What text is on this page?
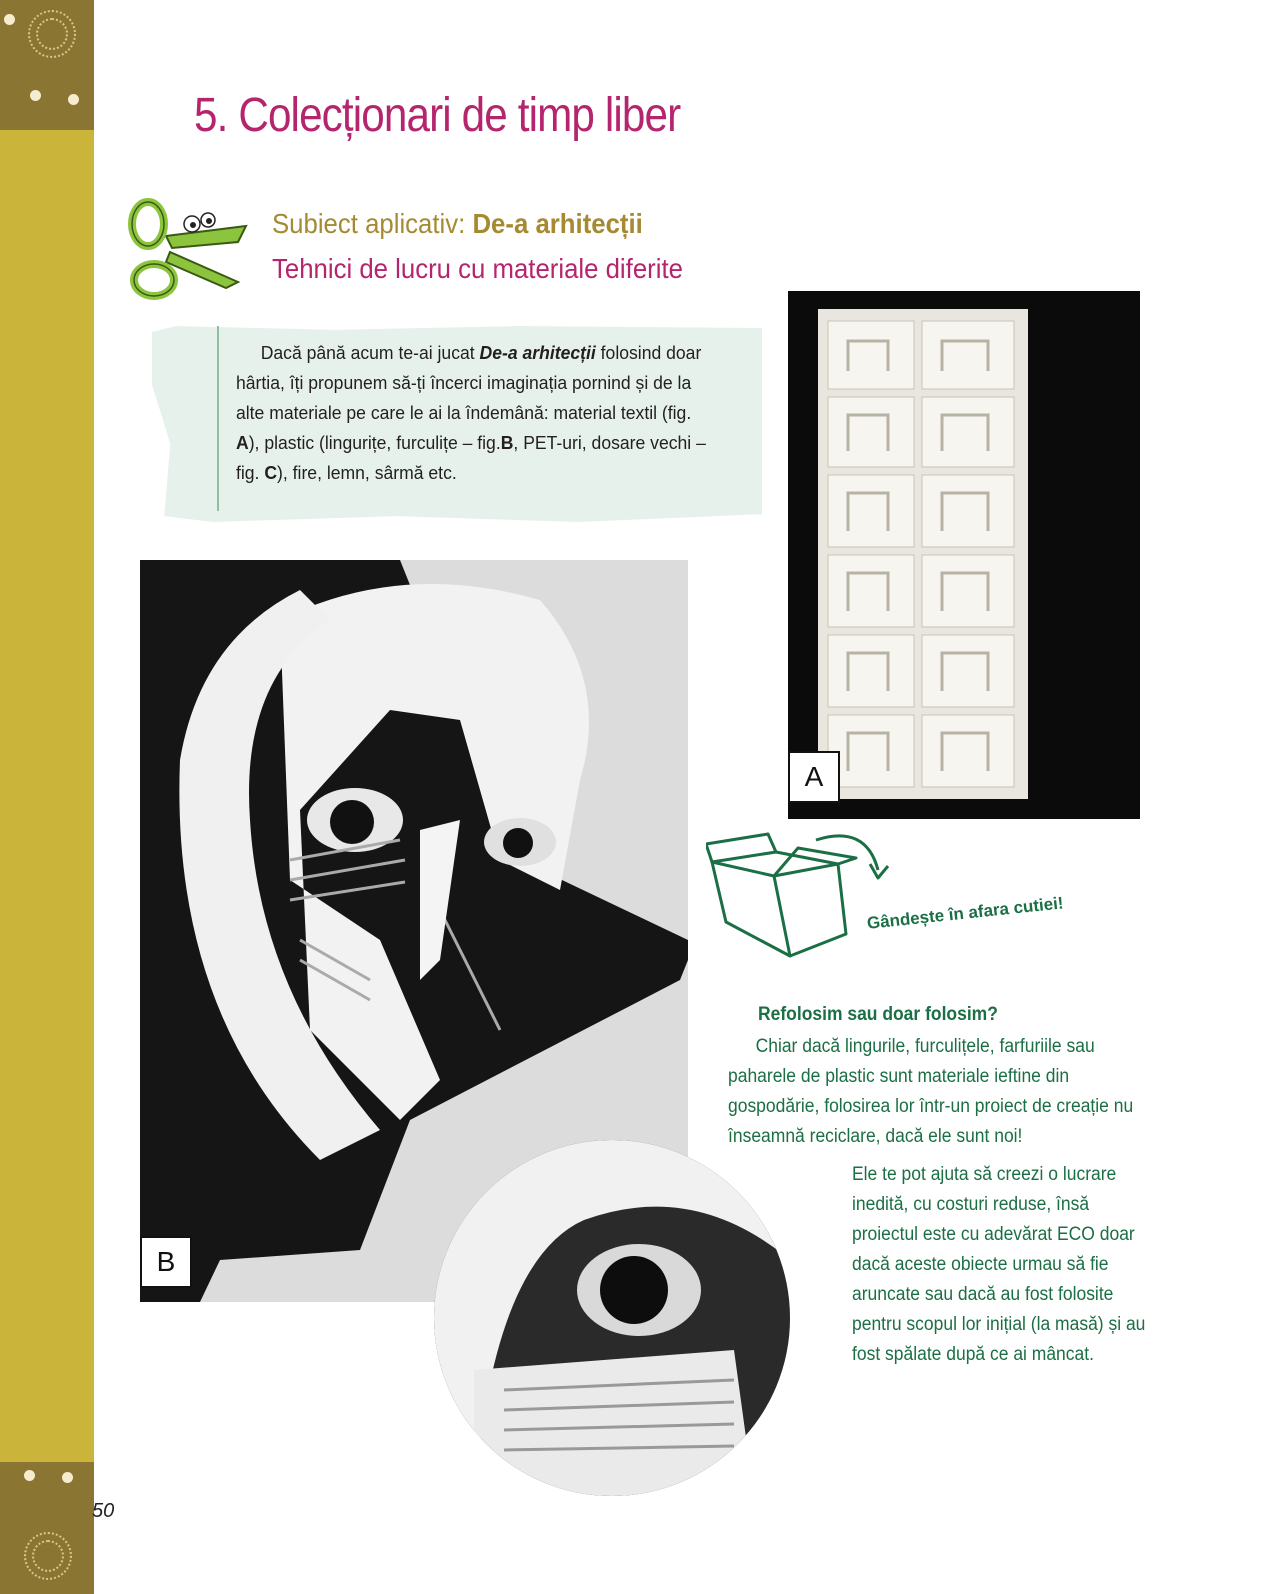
5. Colecționari de timp liber
Subiect aplicativ: De-a arhitecții
Tehnici de lucru cu materiale diferite

Dacă până acum te-ai jucat De-a arhitecții folosind doar hârtia, îți propunem să-ți încerci imaginația pornind și de la alte materiale pe care le ai la îndemână: material textil (fig. A), plastic (lingurițe, furculițe – fig.B, PET-uri, dosare vechi – fig. C), fire, lemn, sârmă etc.

A
B
Gândește în afara cutiei!
Refolosim sau doar folosim?

Chiar dacă lingurile, furculițele, farfuriile sau paharele de plastic sunt materiale ieftine din gospodărie, folosirea lor într-un proiect de creație nu înseamnă reciclare, dacă ele sunt noi!

Ele te pot ajuta să creezi o lucrare inedită, cu costuri reduse, însă proiectul este cu adevărat ECO doar dacă aceste obiecte urmau să fie aruncate sau dacă au fost folosite pentru scopul lor inițial (la masă) și au fost spălate după ce ai mâncat.

50
